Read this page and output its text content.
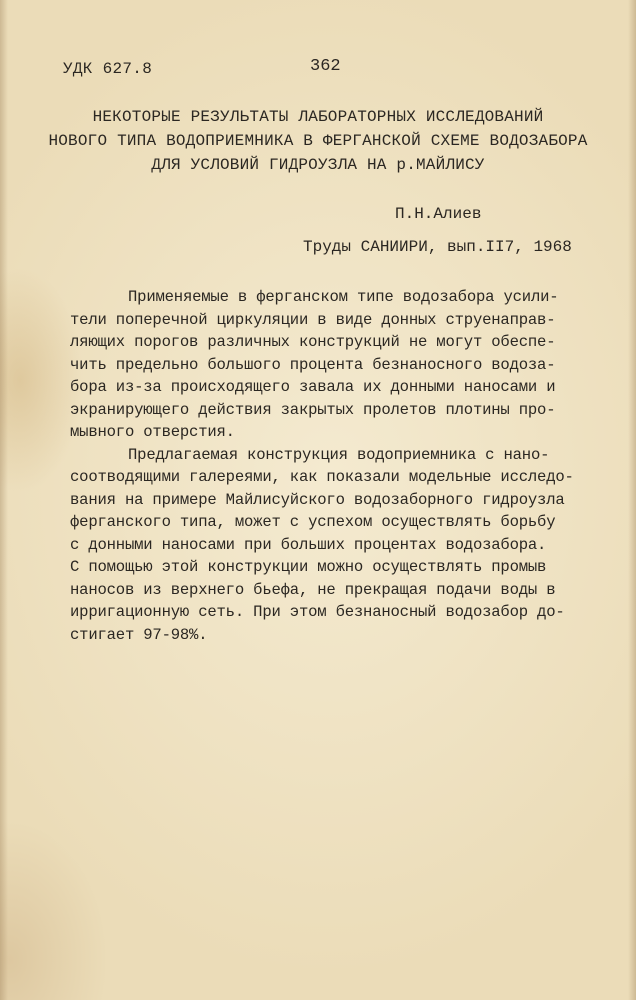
УДК 627.8	362
НЕКОТОРЫЕ РЕЗУЛЬТАТЫ ЛАБОРАТОРНЫХ ИССЛЕДОВАНИЙ
НОВОГО ТИПА ВОДОПРИЕМНИКА В ФЕРГАНСКОЙ СХЕМЕ ВОДОЗАБОРА
ДЛЯ УСЛОВИЙ ГИДРОУЗЛА НА р.МАЙЛИСУ
П.Н.Алиев
Труды САНИИРИ, вып.II7, 1968
Применяемые в ферганском типе водозабора усили-
тели поперечной циркуляции в виде донных струенапрaв-
ляющих порогов различных конструкций не могут обеспе-
чить предельно большого процента безнаносного водоза-
бора из-за происходящего завала их донными наносами и
экранирующего действия закрытых пролетов плотины про-
мывного отверстия.
Предлагаемая конструкция водоприемника с нано-
соотводящими галереями, как показали модельные исследо-
вания на примере Майлисуйского водозаборного гидроузла
ферганского типа, может с успехом осуществлять борьбу
с донными наносами при больших процентах водозабора.
С помощью этой конструкции можно осуществлять промыв
наносов из верхнего бьефа, не прекращая подачи воды в
ирригационную сеть. При этом безнаносный водозабор до-
стигает 97-98%.
